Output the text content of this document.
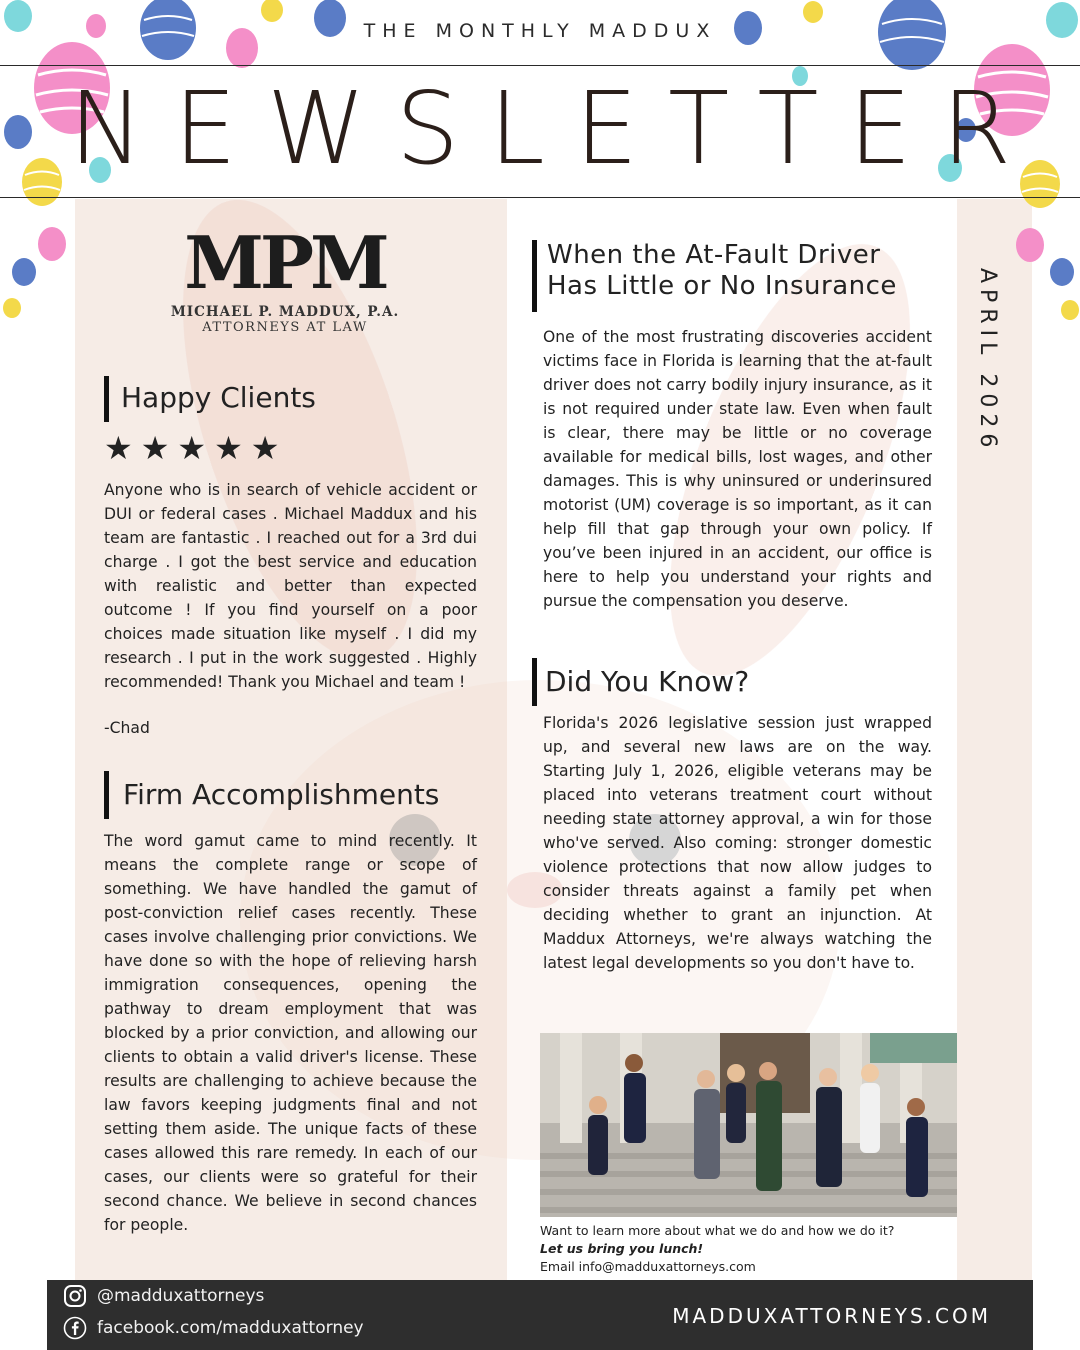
THE MONTHLY MADDUX
NEWSLETTER
APRIL 2026
MPM
MICHAEL P. MADDUX, P.A.
ATTORNEYS AT LAW
Happy Clients
★ ★ ★ ★ ★
Anyone who is in search of vehicle accident or DUI or federal cases . Michael Maddux and his team are fantastic . I reached out for a 3rd dui charge . I got the best service and education with realistic and better than expected outcome ! If you find yourself on a poor choices made situation like myself . I did my research . I put in the work suggested . Highly recommended! Thank you Michael and team !
-Chad
Firm Accomplishments
The word gamut came to mind recently. It means the complete range or scope of something. We have handled the gamut of post-conviction relief cases recently. These cases involve challenging prior convictions. We have done so with the hope of relieving harsh immigration consequences, opening the pathway to dream employment that was blocked by a prior conviction, and allowing our clients to obtain a valid driver's license. These results are challenging to achieve because the law favors keeping judgments final and not setting them aside. The unique facts of these cases allowed this rare remedy. In each of our cases, our clients were so grateful for their second chance. We believe in second chances for people.
When the At-Fault Driver
Has Little or No Insurance
One of the most frustrating discoveries accident victims face in Florida is learning that the at-fault driver does not carry bodily injury insurance, as it is not required under state law. Even when fault is clear, there may be little or no coverage available for medical bills, lost wages, and other damages. This is why uninsured or underinsured motorist (UM) coverage is so important, as it can help fill that gap through your own policy. If you’ve been injured in an accident, our office is here to help you understand your rights and pursue the compensation you deserve.
Did You Know?
Florida's 2026 legislative session just wrapped up, and several new laws are on the way. Starting July 1, 2026, eligible veterans may be placed into veterans treatment court without needing state attorney approval, a win for those who've served. Also coming: stronger domestic violence protections that now allow judges to consider threats against a family pet when deciding whether to grant an injunction. At Maddux Attorneys, we're always watching the latest legal developments so you don't have to.
Want to learn more about what we do and how we do it?
Let us bring you lunch!
Email info@madduxattorneys.com
@madduxattorneys
facebook.com/madduxattorney	MADDUXATTORNEYS.COM
